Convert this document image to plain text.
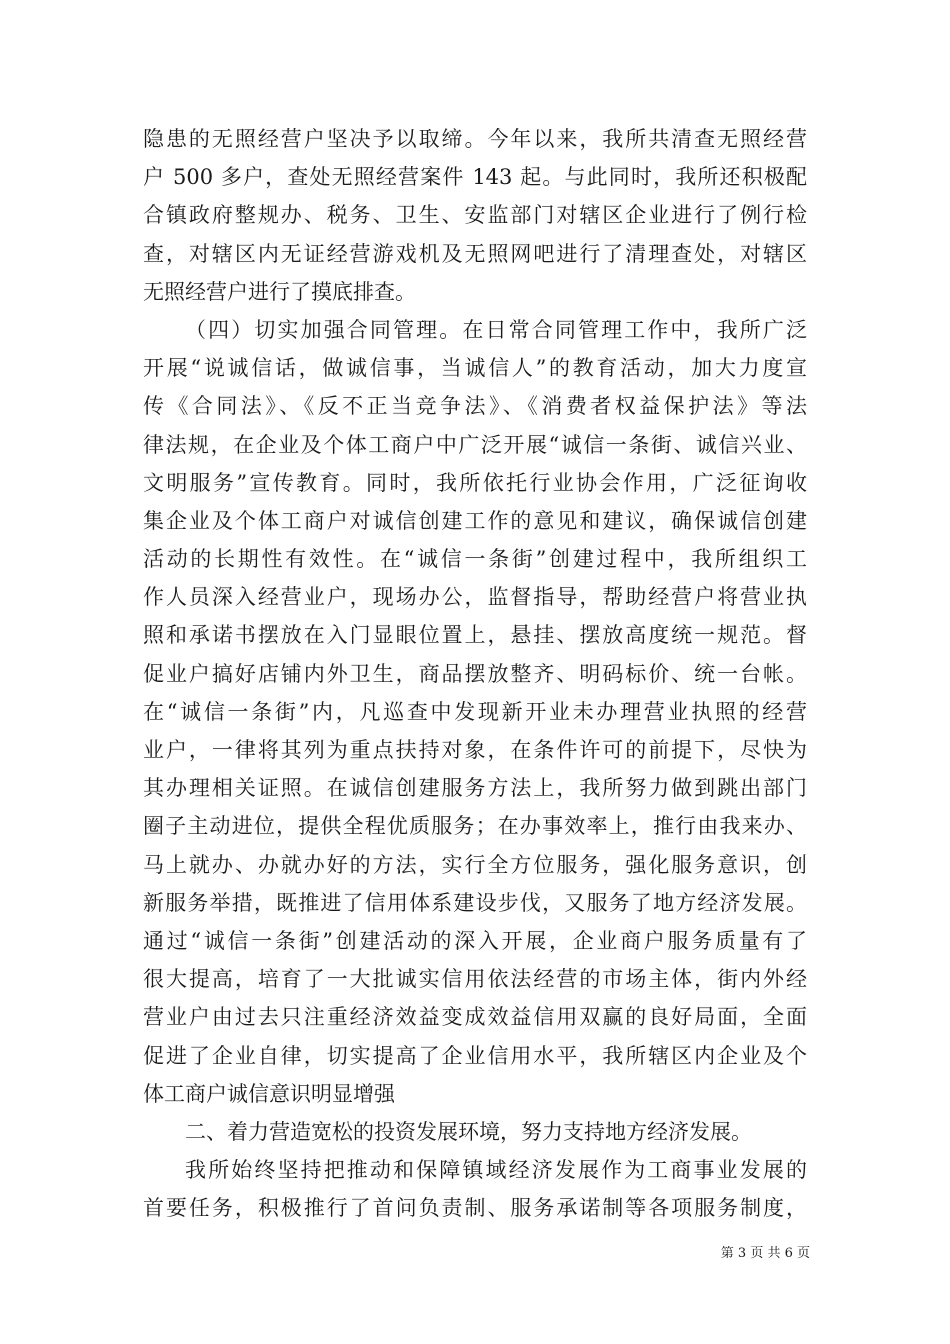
隐患的无照经营户坚决予以取缔。今年以来，我所共清查无照经营
户 500 多户，查处无照经营案件 143 起。与此同时，我所还积极配
合镇政府整规办、税务、卫生、安监部门对辖区企业进行了例行检
查，对辖区内无证经营游戏机及无照网吧进行了清理查处，对辖区
无照经营户进行了摸底排查。
（四）切实加强合同管理。在日常合同管理工作中，我所广泛
开展“说诚信话，做诚信事，当诚信人”的教育活动，加大力度宣
传《合同法》、《反不正当竞争法》、《消费者权益保护法》等法
律法规，在企业及个体工商户中广泛开展“诚信一条街、诚信兴业、
文明服务”宣传教育。同时，我所依托行业协会作用，广泛征询收
集企业及个体工商户对诚信创建工作的意见和建议，确保诚信创建
活动的长期性有效性。在“诚信一条街”创建过程中，我所组织工
作人员深入经营业户，现场办公，监督指导，帮助经营户将营业执
照和承诺书摆放在入门显眼位置上，悬挂、摆放高度统一规范。督
促业户搞好店铺内外卫生，商品摆放整齐、明码标价、统一台帐。
在“诚信一条街”内，凡巡查中发现新开业未办理营业执照的经营
业户，一律将其列为重点扶持对象，在条件许可的前提下，尽快为
其办理相关证照。在诚信创建服务方法上，我所努力做到跳出部门
圈子主动进位，提供全程优质服务；在办事效率上，推行由我来办、
马上就办、办就办好的方法，实行全方位服务，强化服务意识，创
新服务举措，既推进了信用体系建设步伐，又服务了地方经济发展。
通过“诚信一条街”创建活动的深入开展，企业商户服务质量有了
很大提高，培育了一大批诚实信用依法经营的市场主体，街内外经
营业户由过去只注重经济效益变成效益信用双赢的良好局面，全面
促进了企业自律，切实提高了企业信用水平，我所辖区内企业及个
体工商户诚信意识明显增强
二、着力营造宽松的投资发展环境，努力支持地方经济发展。
我所始终坚持把推动和保障镇域经济发展作为工商事业发展的
首要任务，积极推行了首问负责制、服务承诺制等各项服务制度，
第 3 页 共 6 页
